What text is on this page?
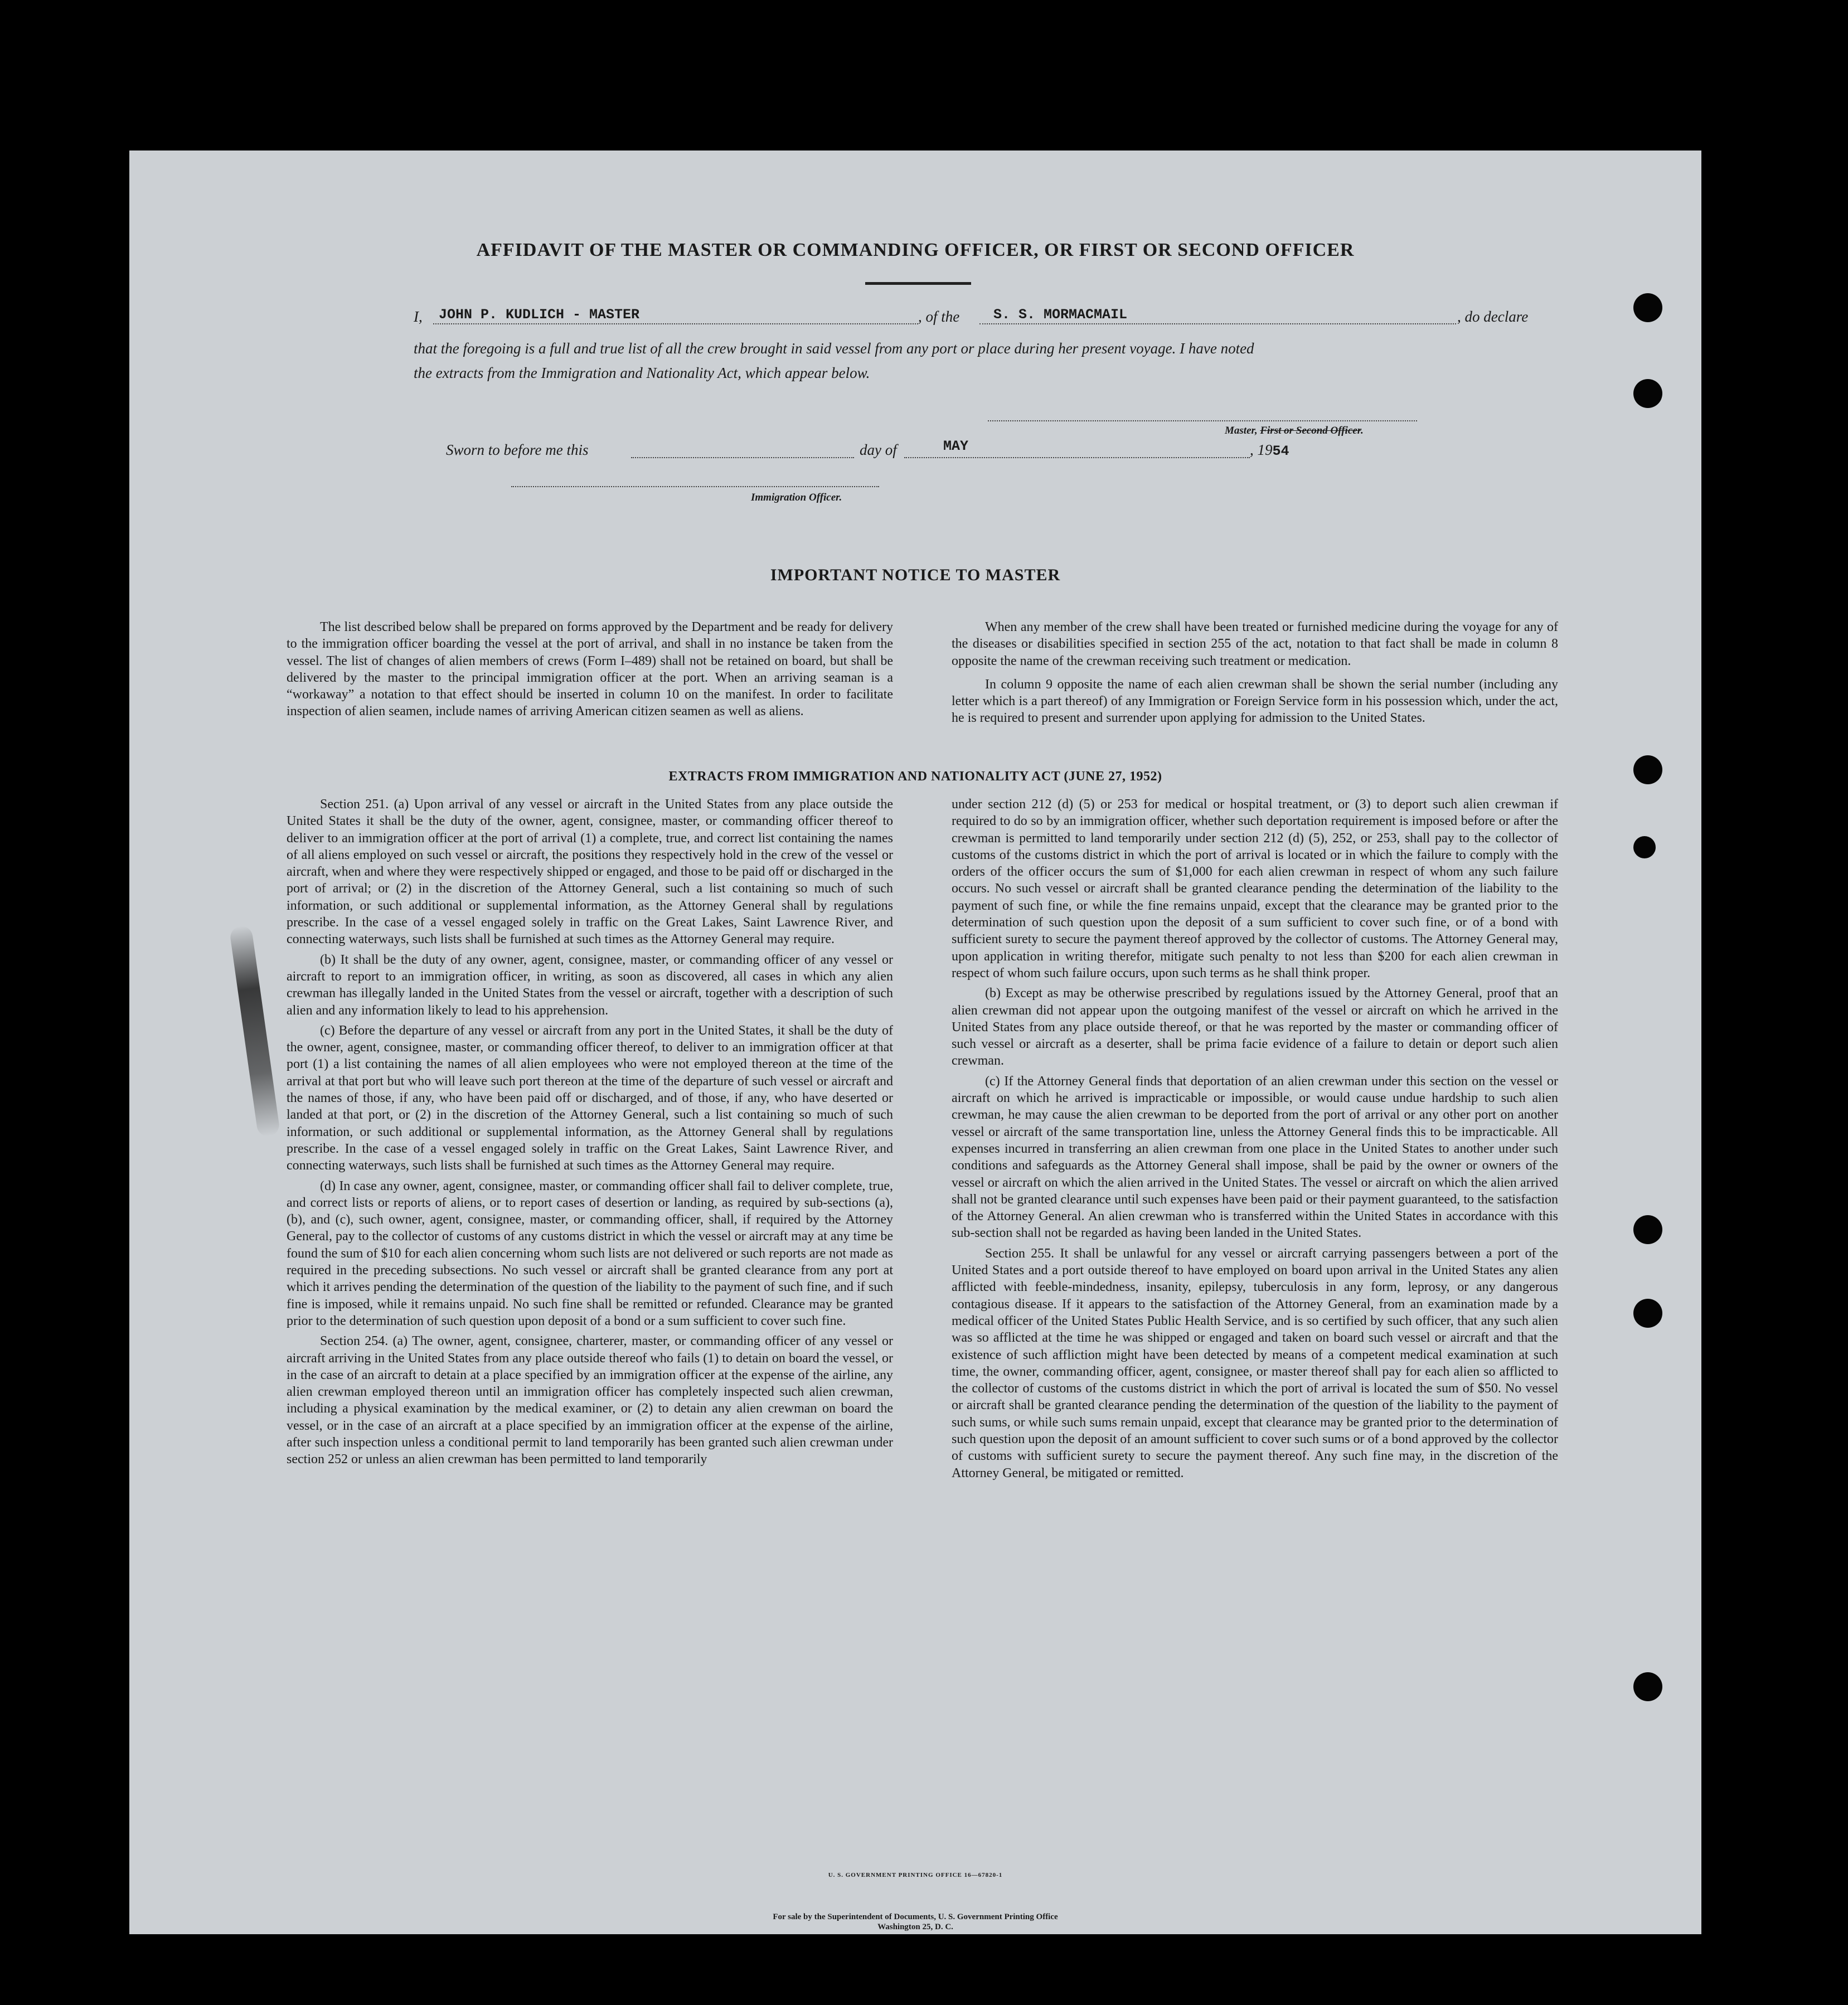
AFFIDAVIT OF THE MASTER OR COMMANDING OFFICER, OR FIRST OR SECOND OFFICER
I, JOHN P. KUDLICH - MASTER	, of the S. S. MORMACMAIL	, do declare
that the foregoing is a full and true list of all the crew brought in said vessel from any port or place during her present voyage. I have noted
the extracts from the Immigration and Nationality Act, which appear below.
Master, First or Second Officer.
Sworn to before me this	day of	MAY	, 1954
Immigration Officer.
IMPORTANT NOTICE TO MASTER

The list described below shall be prepared on forms approved by the Department and be ready for delivery to the immigration officer boarding the vessel at the port of arrival, and shall in no instance be taken from the vessel. The list of changes of alien members of crews (Form I–489) shall not be retained on board, but shall be delivered by the master to the principal immigration officer at the port. When an arriving seaman is a “workaway” a notation to that effect should be inserted in column 10 on the manifest. In order to facilitate inspection of alien seamen, include names of arriving American citizen seamen as well as aliens.

When any member of the crew shall have been treated or furnished medicine during the voyage for any of the diseases or disabilities specified in section 255 of the act, notation to that fact shall be made in column 8 opposite the name of the crewman receiving such treatment or medication.

In column 9 opposite the name of each alien crewman shall be shown the serial number (including any letter which is a part thereof) of any Immigration or Foreign Service form in his possession which, under the act, he is required to present and surrender upon applying for admission to the United States.

EXTRACTS FROM IMMIGRATION AND NATIONALITY ACT (JUNE 27, 1952)

Section 251. (a) Upon arrival of any vessel or aircraft in the United States from any place outside the United States it shall be the duty of the owner, agent, consignee, master, or commanding officer thereof to deliver to an immigration officer at the port of arrival (1) a complete, true, and correct list containing the names of all aliens employed on such vessel or aircraft, the positions they respectively hold in the crew of the vessel or aircraft, when and where they were respectively shipped or engaged, and those to be paid off or discharged in the port of arrival; or (2) in the discretion of the Attorney General, such a list containing so much of such information, or such additional or supplemental information, as the Attorney General shall by regulations prescribe. In the case of a vessel engaged solely in traffic on the Great Lakes, Saint Lawrence River, and connecting waterways, such lists shall be furnished at such times as the Attorney General may require.

(b) It shall be the duty of any owner, agent, consignee, master, or commanding officer of any vessel or aircraft to report to an immigration officer, in writing, as soon as discovered, all cases in which any alien crewman has illegally landed in the United States from the vessel or aircraft, together with a description of such alien and any information likely to lead to his apprehension.

(c) Before the departure of any vessel or aircraft from any port in the United States, it shall be the duty of the owner, agent, consignee, master, or commanding officer thereof, to deliver to an immigration officer at that port (1) a list containing the names of all alien employees who were not employed thereon at the time of the arrival at that port but who will leave such port thereon at the time of the departure of such vessel or aircraft and the names of those, if any, who have been paid off or discharged, and of those, if any, who have deserted or landed at that port, or (2) in the discretion of the Attorney General, such a list containing so much of such information, or such additional or supplemental information, as the Attorney General shall by regulations prescribe. In the case of a vessel engaged solely in traffic on the Great Lakes, Saint Lawrence River, and connecting waterways, such lists shall be furnished at such times as the Attorney General may require.

(d) In case any owner, agent, consignee, master, or commanding officer shall fail to deliver complete, true, and correct lists or reports of aliens, or to report cases of desertion or landing, as required by sub-sections (a), (b), and (c), such owner, agent, consignee, master, or commanding officer, shall, if required by the Attorney General, pay to the collector of customs of any customs district in which the vessel or aircraft may at any time be found the sum of $10 for each alien concerning whom such lists are not delivered or such reports are not made as required in the preceding subsections. No such vessel or aircraft shall be granted clearance from any port at which it arrives pending the determination of the question of the liability to the payment of such fine, and if such fine is imposed, while it remains unpaid. No such fine shall be remitted or refunded. Clearance may be granted prior to the determination of such question upon deposit of a bond or a sum sufficient to cover such fine.

Section 254. (a) The owner, agent, consignee, charterer, master, or commanding officer of any vessel or aircraft arriving in the United States from any place outside thereof who fails (1) to detain on board the vessel, or in the case of an aircraft to detain at a place specified by an immigration officer at the expense of the airline, any alien crewman employed thereon until an immigration officer has completely inspected such alien crewman, including a physical examination by the medical examiner, or (2) to detain any alien crewman on board the vessel, or in the case of an aircraft at a place specified by an immigration officer at the expense of the airline, after such inspection unless a conditional permit to land temporarily has been granted such alien crewman under section 252 or unless an alien crewman has been permitted to land temporarily

under section 212 (d) (5) or 253 for medical or hospital treatment, or (3) to deport such alien crewman if required to do so by an immigration officer, whether such deportation requirement is imposed before or after the crewman is permitted to land temporarily under section 212 (d) (5), 252, or 253, shall pay to the collector of customs of the customs district in which the port of arrival is located or in which the failure to comply with the orders of the officer occurs the sum of $1,000 for each alien crewman in respect of whom any such failure occurs. No such vessel or aircraft shall be granted clearance pending the determination of the liability to the payment of such fine, or while the fine remains unpaid, except that the clearance may be granted prior to the determination of such question upon the deposit of a sum sufficient to cover such fine, or of a bond with sufficient surety to secure the payment thereof approved by the collector of customs. The Attorney General may, upon application in writing therefor, mitigate such penalty to not less than $200 for each alien crewman in respect of whom such failure occurs, upon such terms as he shall think proper.

(b) Except as may be otherwise prescribed by regulations issued by the Attorney General, proof that an alien crewman did not appear upon the outgoing manifest of the vessel or aircraft on which he arrived in the United States from any place outside thereof, or that he was reported by the master or commanding officer of such vessel or aircraft as a deserter, shall be prima facie evidence of a failure to detain or deport such alien crewman.

(c) If the Attorney General finds that deportation of an alien crewman under this section on the vessel or aircraft on which he arrived is impracticable or impossible, or would cause undue hardship to such alien crewman, he may cause the alien crewman to be deported from the port of arrival or any other port on another vessel or aircraft of the same transportation line, unless the Attorney General finds this to be impracticable. All expenses incurred in transferring an alien crewman from one place in the United States to another under such conditions and safeguards as the Attorney General shall impose, shall be paid by the owner or owners of the vessel or aircraft on which the alien arrived in the United States. The vessel or aircraft on which the alien arrived shall not be granted clearance until such expenses have been paid or their payment guaranteed, to the satisfaction of the Attorney General. An alien crewman who is transferred within the United States in accordance with this sub-section shall not be regarded as having been landed in the United States.

Section 255. It shall be unlawful for any vessel or aircraft carrying passengers between a port of the United States and a port outside thereof to have employed on board upon arrival in the United States any alien afflicted with feeble-mindedness, insanity, epilepsy, tuberculosis in any form, leprosy, or any dangerous contagious disease. If it appears to the satisfaction of the Attorney General, from an examination made by a medical officer of the United States Public Health Service, and is so certified by such officer, that any such alien was so afflicted at the time he was shipped or engaged and taken on board such vessel or aircraft and that the existence of such affliction might have been detected by means of a competent medical examination at such time, the owner, commanding officer, agent, consignee, or master thereof shall pay for each alien so afflicted to the collector of customs of the customs district in which the port of arrival is located the sum of $50. No vessel or aircraft shall be granted clearance pending the determination of the question of the liability to the payment of such sums, or while such sums remain unpaid, except that clearance may be granted prior to the determination of such question upon the deposit of an amount sufficient to cover such sums or of a bond approved by the collector of customs with sufficient surety to secure the payment thereof. Any such fine may, in the discretion of the Attorney General, be mitigated or remitted.

U. S. GOVERNMENT PRINTING OFFICE 16—67820-1
For sale by the Superintendent of Documents, U. S. Government Printing Office
Washington 25, D. C.
